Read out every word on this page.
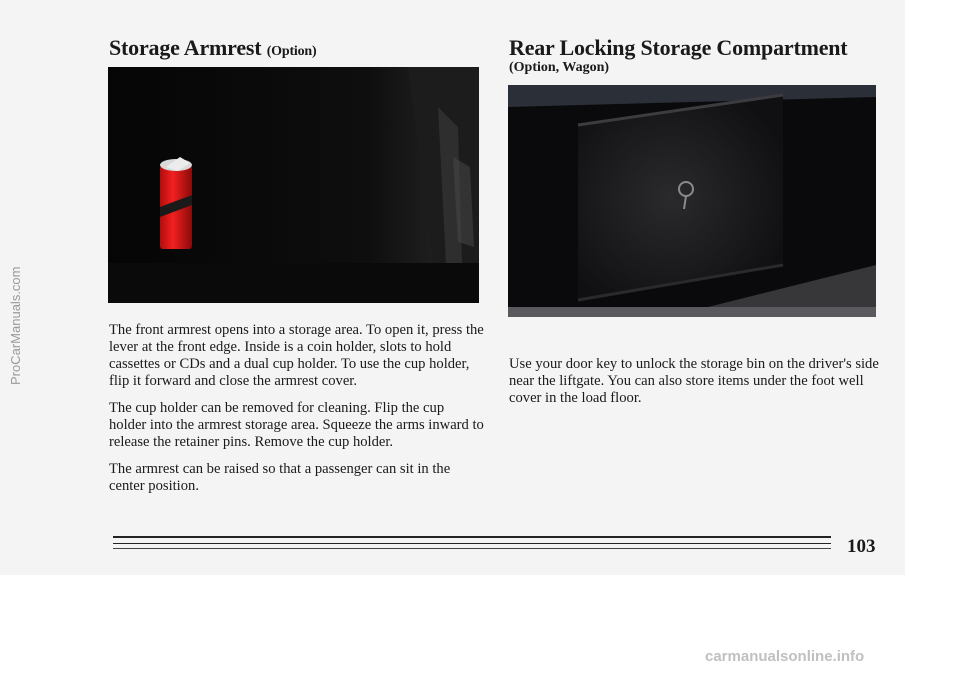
Storage Armrest (Option)

The front armrest opens into a storage area. To open it, press the lever at the front edge. Inside is a coin holder, slots to hold cassettes or CDs and a dual cup holder. To use the cup holder, flip it forward and close the armrest cover.

The cup holder can be removed for cleaning. Flip the cup holder into the armrest storage area. Squeeze the arms inward to release the retainer pins. Remove the cup holder.

The armrest can be raised so that a passenger can sit in the center position.

Rear Locking Storage Compartment
(Option, Wagon)

Use your door key to unlock the storage bin on the driver's side near the liftgate. You can also store items under the foot well cover in the load floor.

103
ProCarManuals.com
carmanualsonline.info
